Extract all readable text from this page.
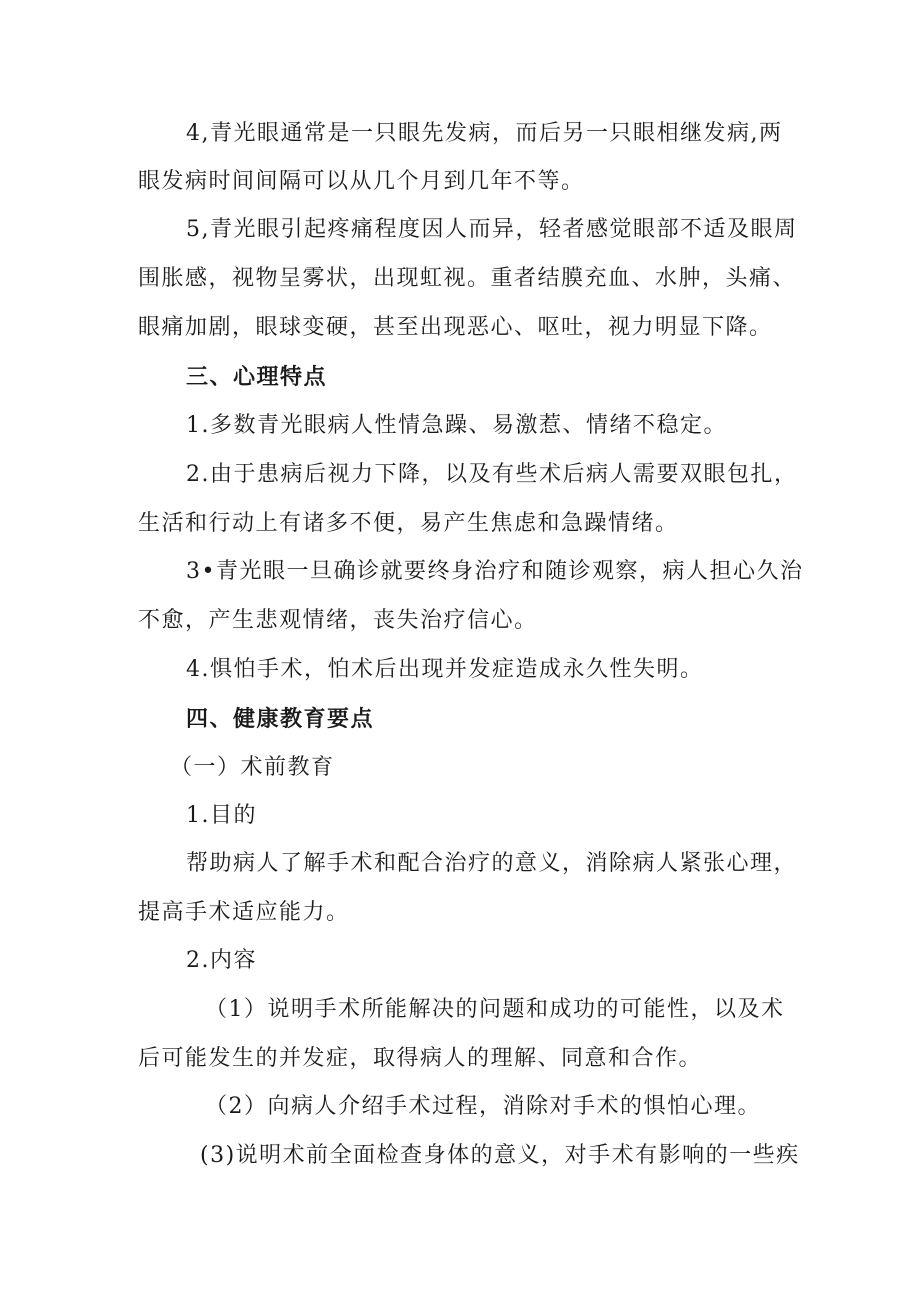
4,青光眼通常是一只眼先发病，而后另一只眼相继发病,两
眼发病时间间隔可以从几个月到几年不等。
5,青光眼引起疼痛程度因人而异，轻者感觉眼部不适及眼周
围胀感，视物呈雾状，出现虹视。重者结膜充血、水肿，头痛、
眼痛加剧，眼球变硬，甚至出现恶心、呕吐，视力明显下降。
三、心理特点
1.多数青光眼病人性情急躁、易激惹、情绪不稳定。
2.由于患病后视力下降，以及有些术后病人需要双眼包扎，
生活和行动上有诸多不便，易产生焦虑和急躁情绪。
3•青光眼一旦确诊就要终身治疗和随诊观察，病人担心久治
不愈，产生悲观情绪，丧失治疗信心。
4.惧怕手术，怕术后出现并发症造成永久性失明。
四、健康教育要点
（一）术前教育
1.目的
帮助病人了解手术和配合治疗的意义，消除病人紧张心理，
提高手术适应能力。
2.内容
（1）说明手术所能解决的问题和成功的可能性，以及术
后可能发生的并发症，取得病人的理解、同意和合作。
（2）向病人介绍手术过程，消除对手术的惧怕心理。
(3)说明术前全面检查身体的意义，对手术有影响的一些疾
